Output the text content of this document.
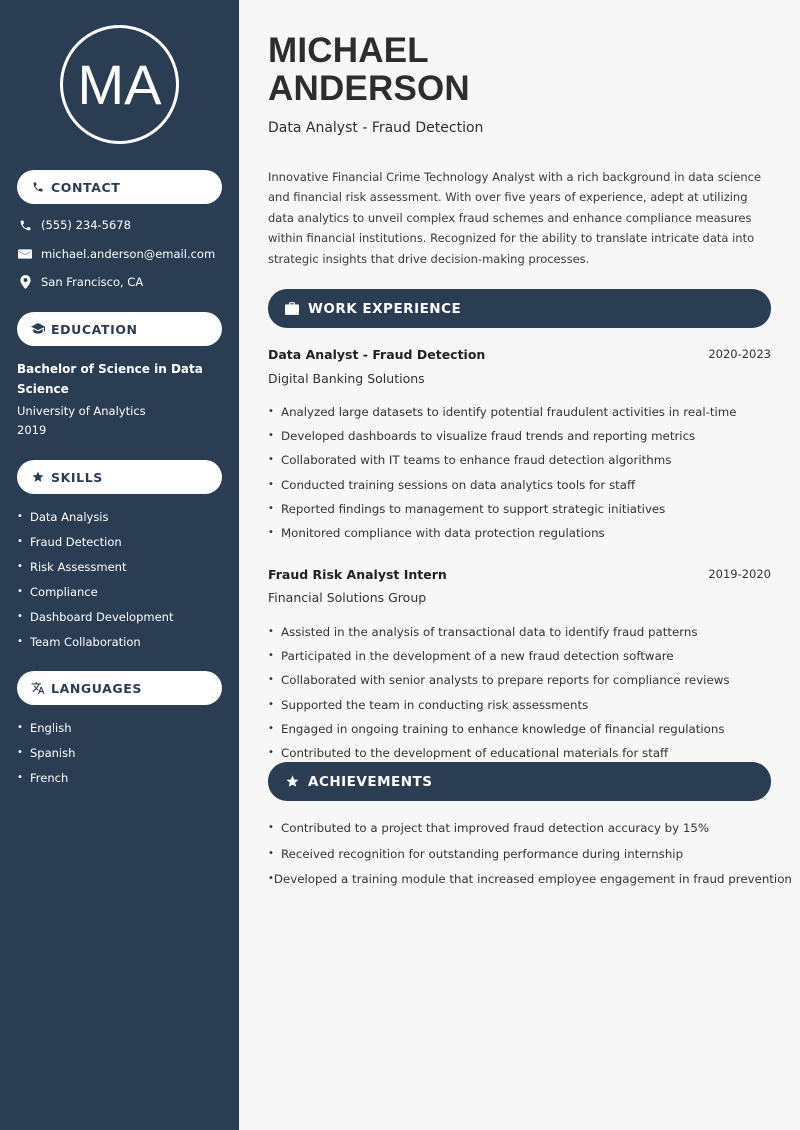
MA
CONTACT
(555) 234-5678
michael.anderson@email.com
San Francisco, CA
EDUCATION
Bachelor of Science in Data Science
University of Analytics
2019
SKILLS
• Data Analysis
• Fraud Detection
• Risk Assessment
• Compliance
• Dashboard Development
• Team Collaboration
LANGUAGES
• English
• Spanish
• French
MICHAEL
ANDERSON
Data Analyst - Fraud Detection
Innovative Financial Crime Technology Analyst with a rich background in data science and financial risk assessment. With over five years of experience, adept at utilizing data analytics to unveil complex fraud schemes and enhance compliance measures within financial institutions. Recognized for the ability to translate intricate data into strategic insights that drive decision-making processes.
WORK EXPERIENCE
Data Analyst - Fraud Detection	2020-2023
Digital Banking Solutions
• Analyzed large datasets to identify potential fraudulent activities in real-time
• Developed dashboards to visualize fraud trends and reporting metrics
• Collaborated with IT teams to enhance fraud detection algorithms
• Conducted training sessions on data analytics tools for staff
• Reported findings to management to support strategic initiatives
• Monitored compliance with data protection regulations
Fraud Risk Analyst Intern	2019-2020
Financial Solutions Group
• Assisted in the analysis of transactional data to identify fraud patterns
• Participated in the development of a new fraud detection software
• Collaborated with senior analysts to prepare reports for compliance reviews
• Supported the team in conducting risk assessments
• Engaged in ongoing training to enhance knowledge of financial regulations
• Contributed to the development of educational materials for staff
ACHIEVEMENTS
• Contributed to a project that improved fraud detection accuracy by 15%
• Received recognition for outstanding performance during internship
• Developed a training module that increased employee engagement in fraud prevention
